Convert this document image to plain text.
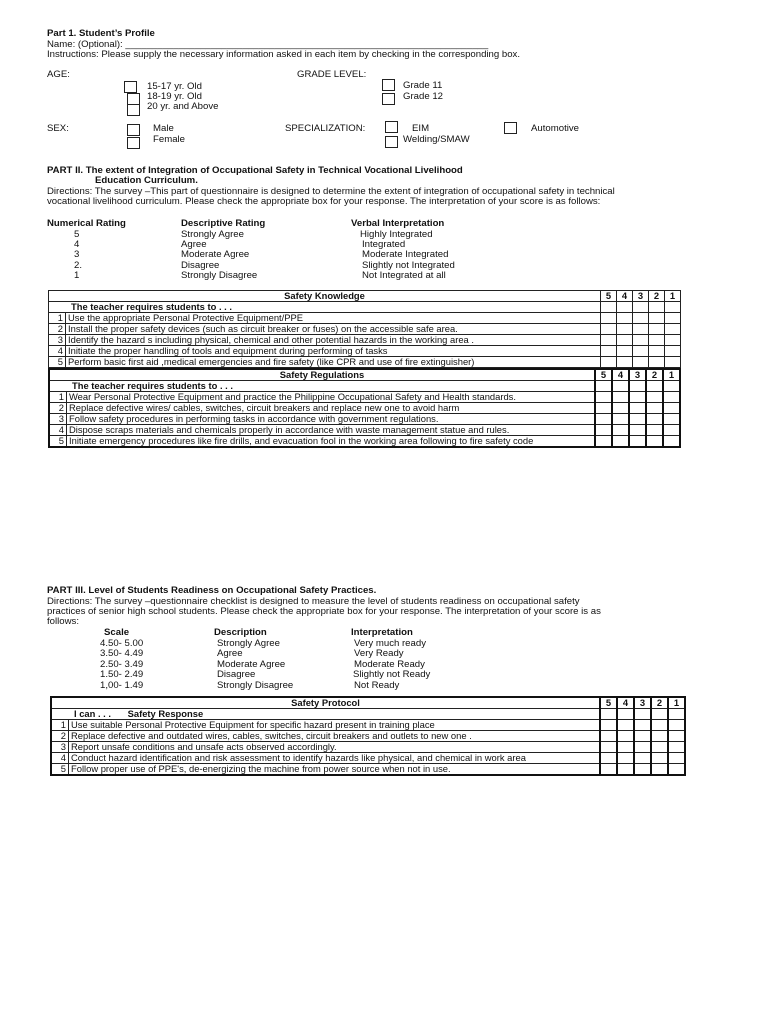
Part 1. Student’s Profile
Name: (Optional): ____________________________________________________________________
Instructions: Please supply the necessary information asked in each item by checking in the corresponding box.
AGE:
15-17 yr. Old
18-19 yr. Old
20 yr. and Above
GRADE LEVEL:
Grade 11
Grade 12
SEX:	Male
Female
SPECIALIZATION:	EIM
Welding/SMAW
Automotive
PART II. The extent of Integration of Occupational Safety in Technical Vocational Livelihood
Education Curriculum.
Directions: The survey –This part of questionnaire is designed to determine the extent of integration of occupational safety in technical
vocational livelihood curriculum. Please check the appropriate box for your response. The interpretation of your score is as follows:
Numerical Rating	Descriptive Rating	Verbal Interpretation
5	Strongly Agree	Highly Integrated
4	Agree	Integrated
3	Moderate Agree	Moderate Integrated
2.	Disagree	Slightly not Integrated
1	Strongly Disagree	Not Integrated at all
Safety Knowledge		5	4	3	2	1
The teacher requires students to . . .						
1	Use the appropriate Personal Protective Equipment/PPE					
2	Install the proper safety devices (such as circuit breaker or fuses) on the accessible safe area.					
3	Identify the hazard s including physical, chemical and other potential hazards in the working area .					
4	Initiate the proper handling of tools and equipment during performing of tasks					
5	Perform basic first aid ,medical emergencies and fire safety (like CPR and use of fire extinguisher)					
Safety Regulations		5	4	3	2	1
The teacher requires students to . . .						
1	Wear Personal Protective Equipment and practice the Philippine Occupational Safety and Health standards.					
2	Replace defective wires/ cables, switches, circuit breakers and replace new one to avoid harm					
3	Follow safety procedures in performing tasks in accordance with government regulations.					
4	Dispose scraps materials and chemicals properly in accordance with waste management statue and rules.					
5	Initiate emergency procedures like fire drills, and evacuation fool in the working area following to fire safety code					
PART III. Level of Students Readiness on Occupational Safety Practices.
Directions: The survey –questionnaire checklist is designed to measure the level of students readiness on occupational safety
practices of senior high school students. Please check the appropriate box for your response. The interpretation of your score is as
follows:
Scale	Description	Interpretation
4.50- 5.00	Strongly Agree	Very much ready
3.50- 4.49	Agree	Very Ready
2.50- 3.49	Moderate Agree	Moderate Ready
1.50- 2.49	Disagree	Slightly not Ready
1,00- 1.49	Strongly Disagree	Not Ready
Safety Protocol		5	4	3	2	1
I can . . . Safety Response						
1	Use suitable Personal Protective Equipment for specific hazard present in training place					
2	Replace defective and outdated wires, cables, switches, circuit breakers and outlets to new one .					
3	Report unsafe conditions and unsafe acts observed accordingly.					
4	Conduct hazard identification and risk assessment to identify hazards like physical, and chemical in work area					
5	Follow proper use of PPE's, de-energizing the machine from power source when not in use.					
